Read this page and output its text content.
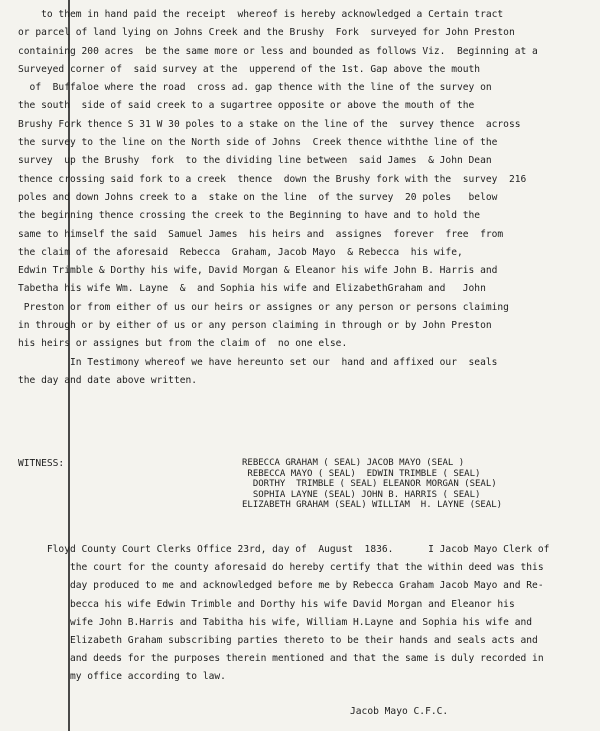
to them in hand paid the receipt  whereof is hereby acknowledged a Certain tract
or parcel of land lying on Johns Creek and the Brushy  Fork  surveyed for John Preston
containing 200 acres  be the same more or less and bounded as follows Viz.  Beginning at a
Surveyed corner of  said survey at the  upperend of the 1st. Gap above the mouth
of  Buffaloe where the road  cross ad. gap thence with the line of the survey on
the south  side of said creek to a sugartree opposite or above the mouth of the
Brushy Fork thence S 31 W 30 poles to a stake on the line of the  survey thence  across
the survey to the line on the North side of Johns  Creek thence withthe line of the
survey  up the Brushy  fork  to the dividing line between  said James  & John Dean
thence crossing said fork to a creek  thence  down the Brushy fork with the  survey  216
poles and down Johns creek to a  stake on the line  of the survey  20 poles   below
the beginning thence crossing the creek to the Beginning to have and to hold the
same to himself the said  Samuel James  his heirs and  assignes  forever  free  from
the claim of the aforesaid  Rebecca  Graham, Jacob Mayo  & Rebecca  his wife,
Edwin Trimble & Dorthy his wife, David Morgan & Eleanor his wife John B. Harris and
Tabetha his wife Wm. Layne  &  and Sophia his wife and ElizabethGraham and   John
Preston or from either of us our heirs or assignes or any person or persons claiming
in through or by either of us or any person claiming in through or by John Preston
his heirs or assignes but from the claim of  no one else.
In Testimony whereof we have hereunto set our  hand and affixed our  seals
the day and date above written.
WITNESS:	REBECCA GRAHAM ( SEAL) JACOB MAYO (SEAL )
REBECCA MAYO ( SEAL)  EDWIN TRIMBLE ( SEAL)
DORTHY  TRIMBLE ( SEAL) ELEANOR MORGAN (SEAL)
SOPHIA LAYNE (SEAL) JOHN B. HARRIS ( SEAL)
ELIZABETH GRAHAM (SEAL) WILLIAM  H. LAYNE (SEAL)
Floyd County Court Clerks Office 23rd, day of  August  1836.      I Jacob Mayo Clerk of
the court for the county aforesaid do hereby certify that the within deed was this
day produced to me and acknowledged before me by Rebecca Graham Jacob Mayo and Re-
becca his wife Edwin Trimble and Dorthy his wife David Morgan and Eleanor his
wife John B.Harris and Tabitha his wife, William H.Layne and Sophia his wife and
Elizabeth Graham subscribing parties thereto to be their hands and seals acts and
and deeds for the purposes therein mentioned and that the same is duly recorded in
my office according to law.
Jacob Mayo C.F.C.
